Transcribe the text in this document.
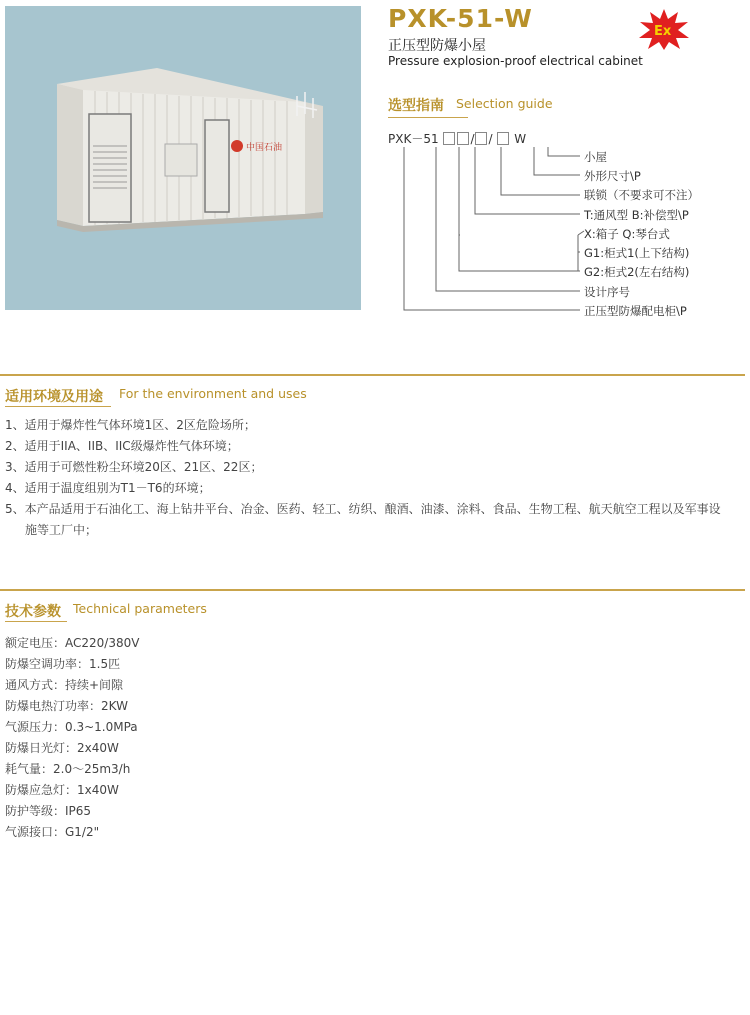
中国石油
PXK-51-W
正压型防爆小屋
Pressure explosion-proof electrical cabinet
Ex
选型指南 Selection guide
PXK－51	/ / W
小屋
外形尺寸\P
联锁（不要求可不注）
T:通风型 B:补偿型\P
X:箱子 Q:琴台式
G1:柜式1(上下结构)
G2:柜式2(左右结构)
设计序号
正压型防爆配电柜\P
适用环境及用途 For the environment and uses
1、适用于爆炸性气体环境1区、2区危险场所；
2、适用于IIA、IIB、IIC级爆炸性气体环境；
3、适用于可燃性粉尘环境20区、21区、22区；
4、适用于温度组别为T1－T6的环境；
5、本产品适用于石油化工、海上钻井平台、冶金、医药、轻工、纺织、酿酒、油漆、涂料、食品、生物工程、航天航空工程以及军事设
施等工厂中；
技术参数 Technical parameters
额定电压：AC220/380V
防爆空调功率：1.5匹
通风方式：持续+间隙
防爆电热汀功率：2KW
气源压力：0.3~1.0MPa
防爆日光灯：2x40W
耗气量：2.0～25m3/h
防爆应急灯：1x40W
防护等级：IP65
气源接口：G1/2"
